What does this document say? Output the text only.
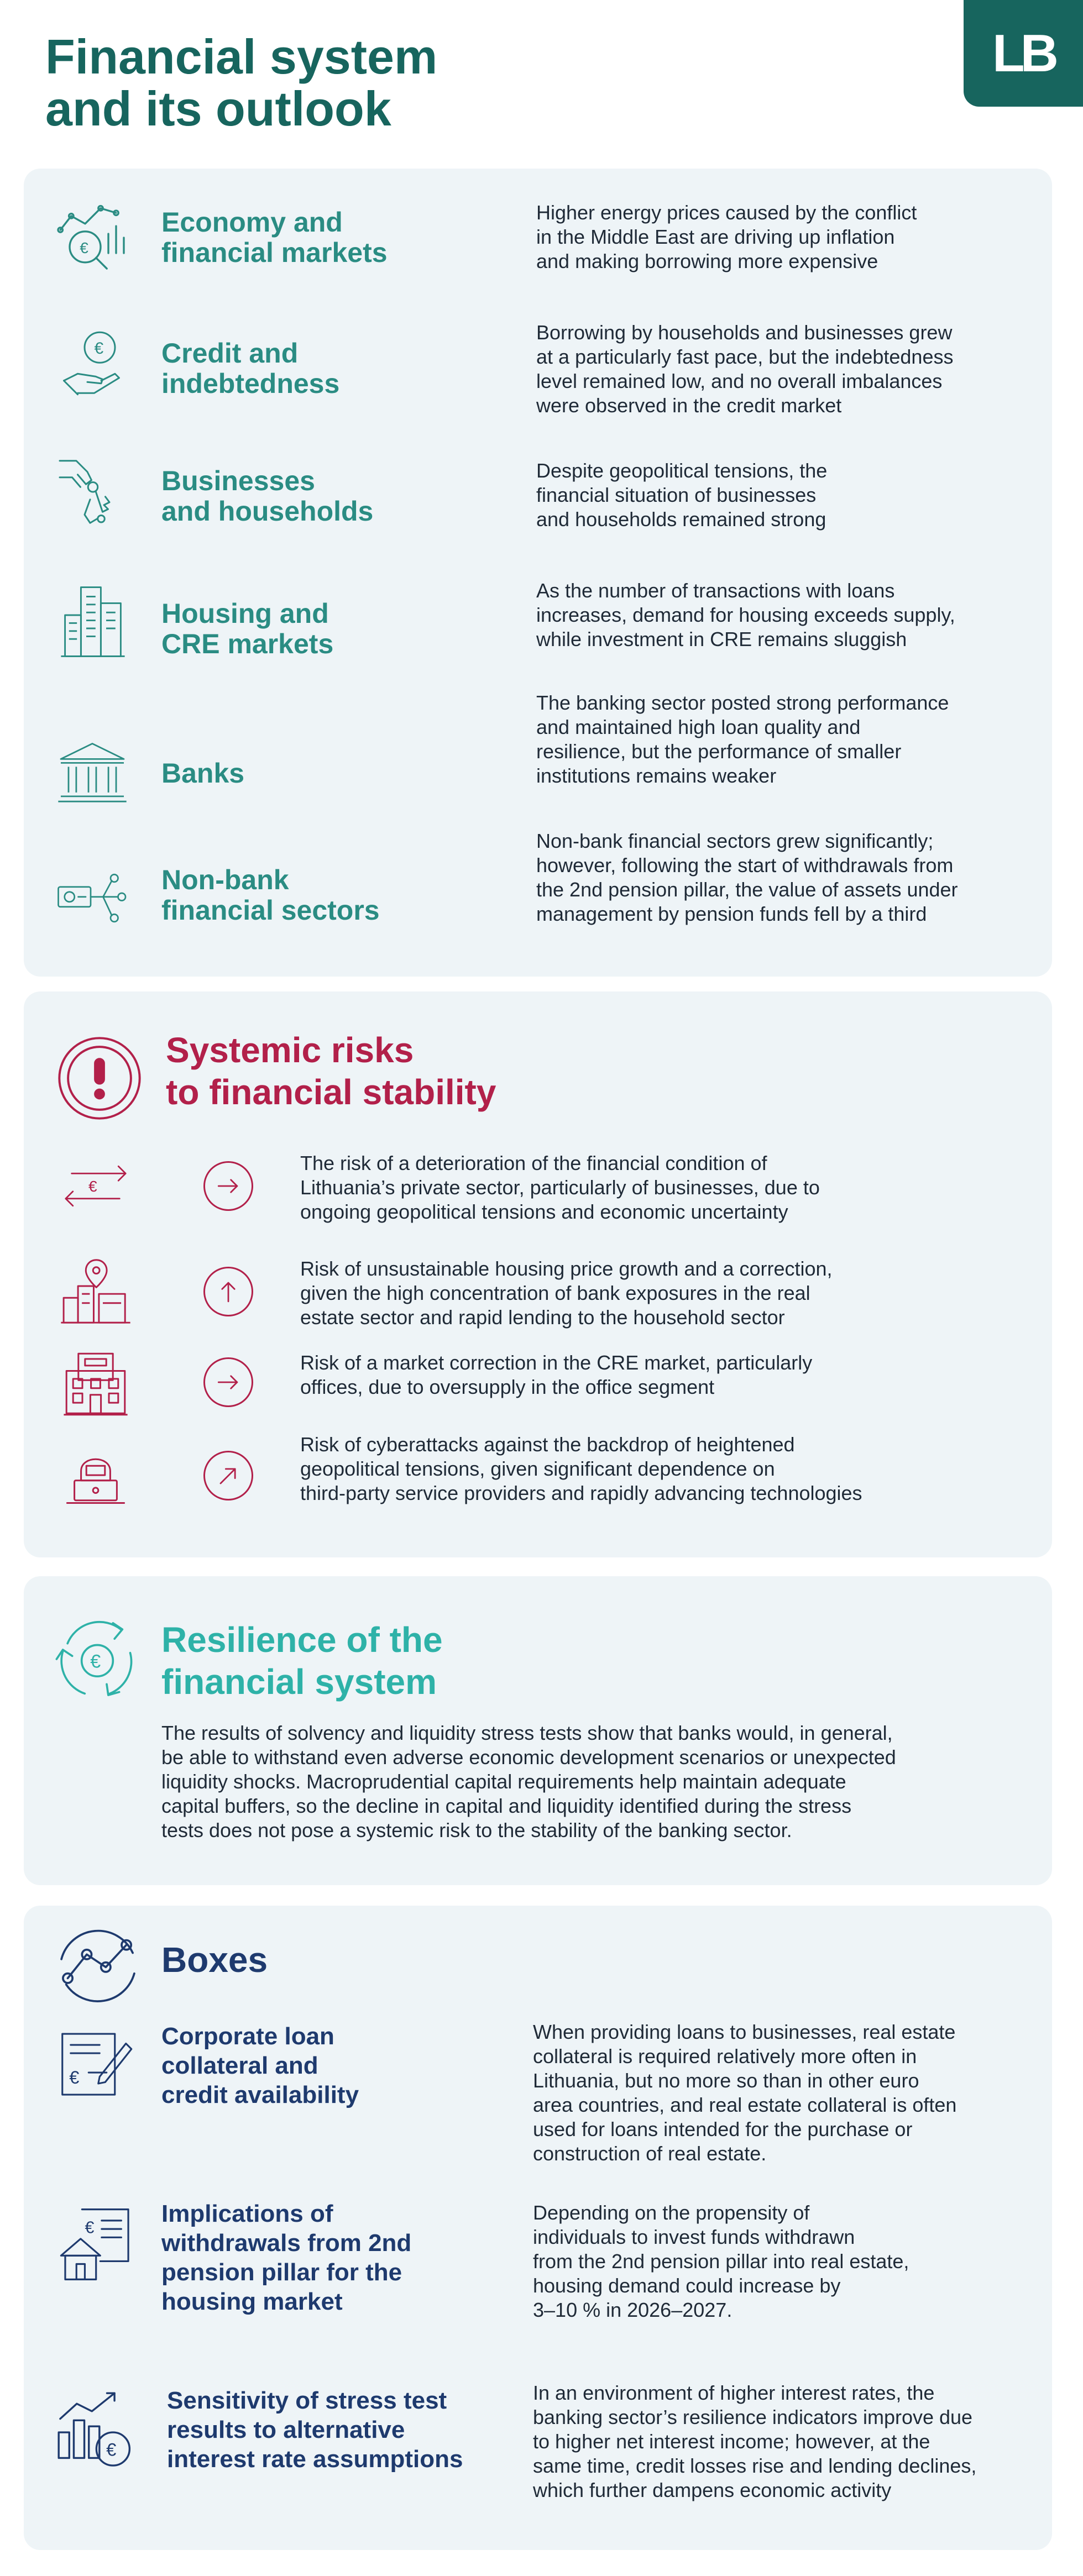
Financial system
and its outlook
LB
€
Economy and
financial markets
Higher energy prices caused by the conflict
in the Middle East are driving up inflation
and making borrowing more expensive
€ Credit and
indebtedness
Borrowing by households and businesses grew
at a particularly fast pace, but the indebtedness
level remained low, and no overall imbalances
were observed in the credit market
Businesses
and households
Despite geopolitical tensions, the
financial situation of businesses
and households remained strong
Housing and
CRE markets
As the number of transactions with loans
increases, demand for housing exceeds supply,
while investment in CRE remains sluggish
Banks
The banking sector posted strong performance
and maintained high loan quality and
resilience, but the performance of smaller
institutions remains weaker
Non-bank
financial sectors
Non-bank financial sectors grew significantly;
however, following the start of withdrawals from
the 2nd pension pillar, the value of assets under
management by pension funds fell by a third
Systemic risks
to financial stability
€
The risk of a deterioration of the financial condition of
Lithuania’s private sector, particularly of businesses, due to
ongoing geopolitical tensions and economic uncertainty
Risk of unsustainable housing price growth and a correction,
given the high concentration of bank exposures in the real
estate sector and rapid lending to the household sector
Risk of a market correction in the CRE market, particularly
offices, due to oversupply in the office segment
Risk of cyberattacks against the backdrop of heightened
geopolitical tensions, given significant dependence on
third-party service providers and rapidly advancing technologies
€
Resilience of the
financial system
The results of solvency and liquidity stress tests show that banks would, in general,
be able to withstand even adverse economic development scenarios or unexpected
liquidity shocks. Macroprudential capital requirements help maintain adequate
capital buffers, so the decline in capital and liquidity identified during the stress
tests does not pose a systemic risk to the stability of the banking sector.
Boxes
€
Corporate loan
collateral and
credit availability
When providing loans to businesses, real estate
collateral is required relatively more often in
Lithuania, but no more so than in other euro
area countries, and real estate collateral is often
used for loans intended for the purchase or
construction of real estate.
€
Implications of
withdrawals from 2nd
pension pillar for the
housing market
Depending on the propensity of
individuals to invest funds withdrawn
from the 2nd pension pillar into real estate,
housing demand could increase by
3–10 % in 2026–2027.
€
Sensitivity of stress test
results to alternative
interest rate assumptions
In an environment of higher interest rates, the
banking sector’s resilience indicators improve due
to higher net interest income; however, at the
same time, credit losses rise and lending declines,
which further dampens economic activity
